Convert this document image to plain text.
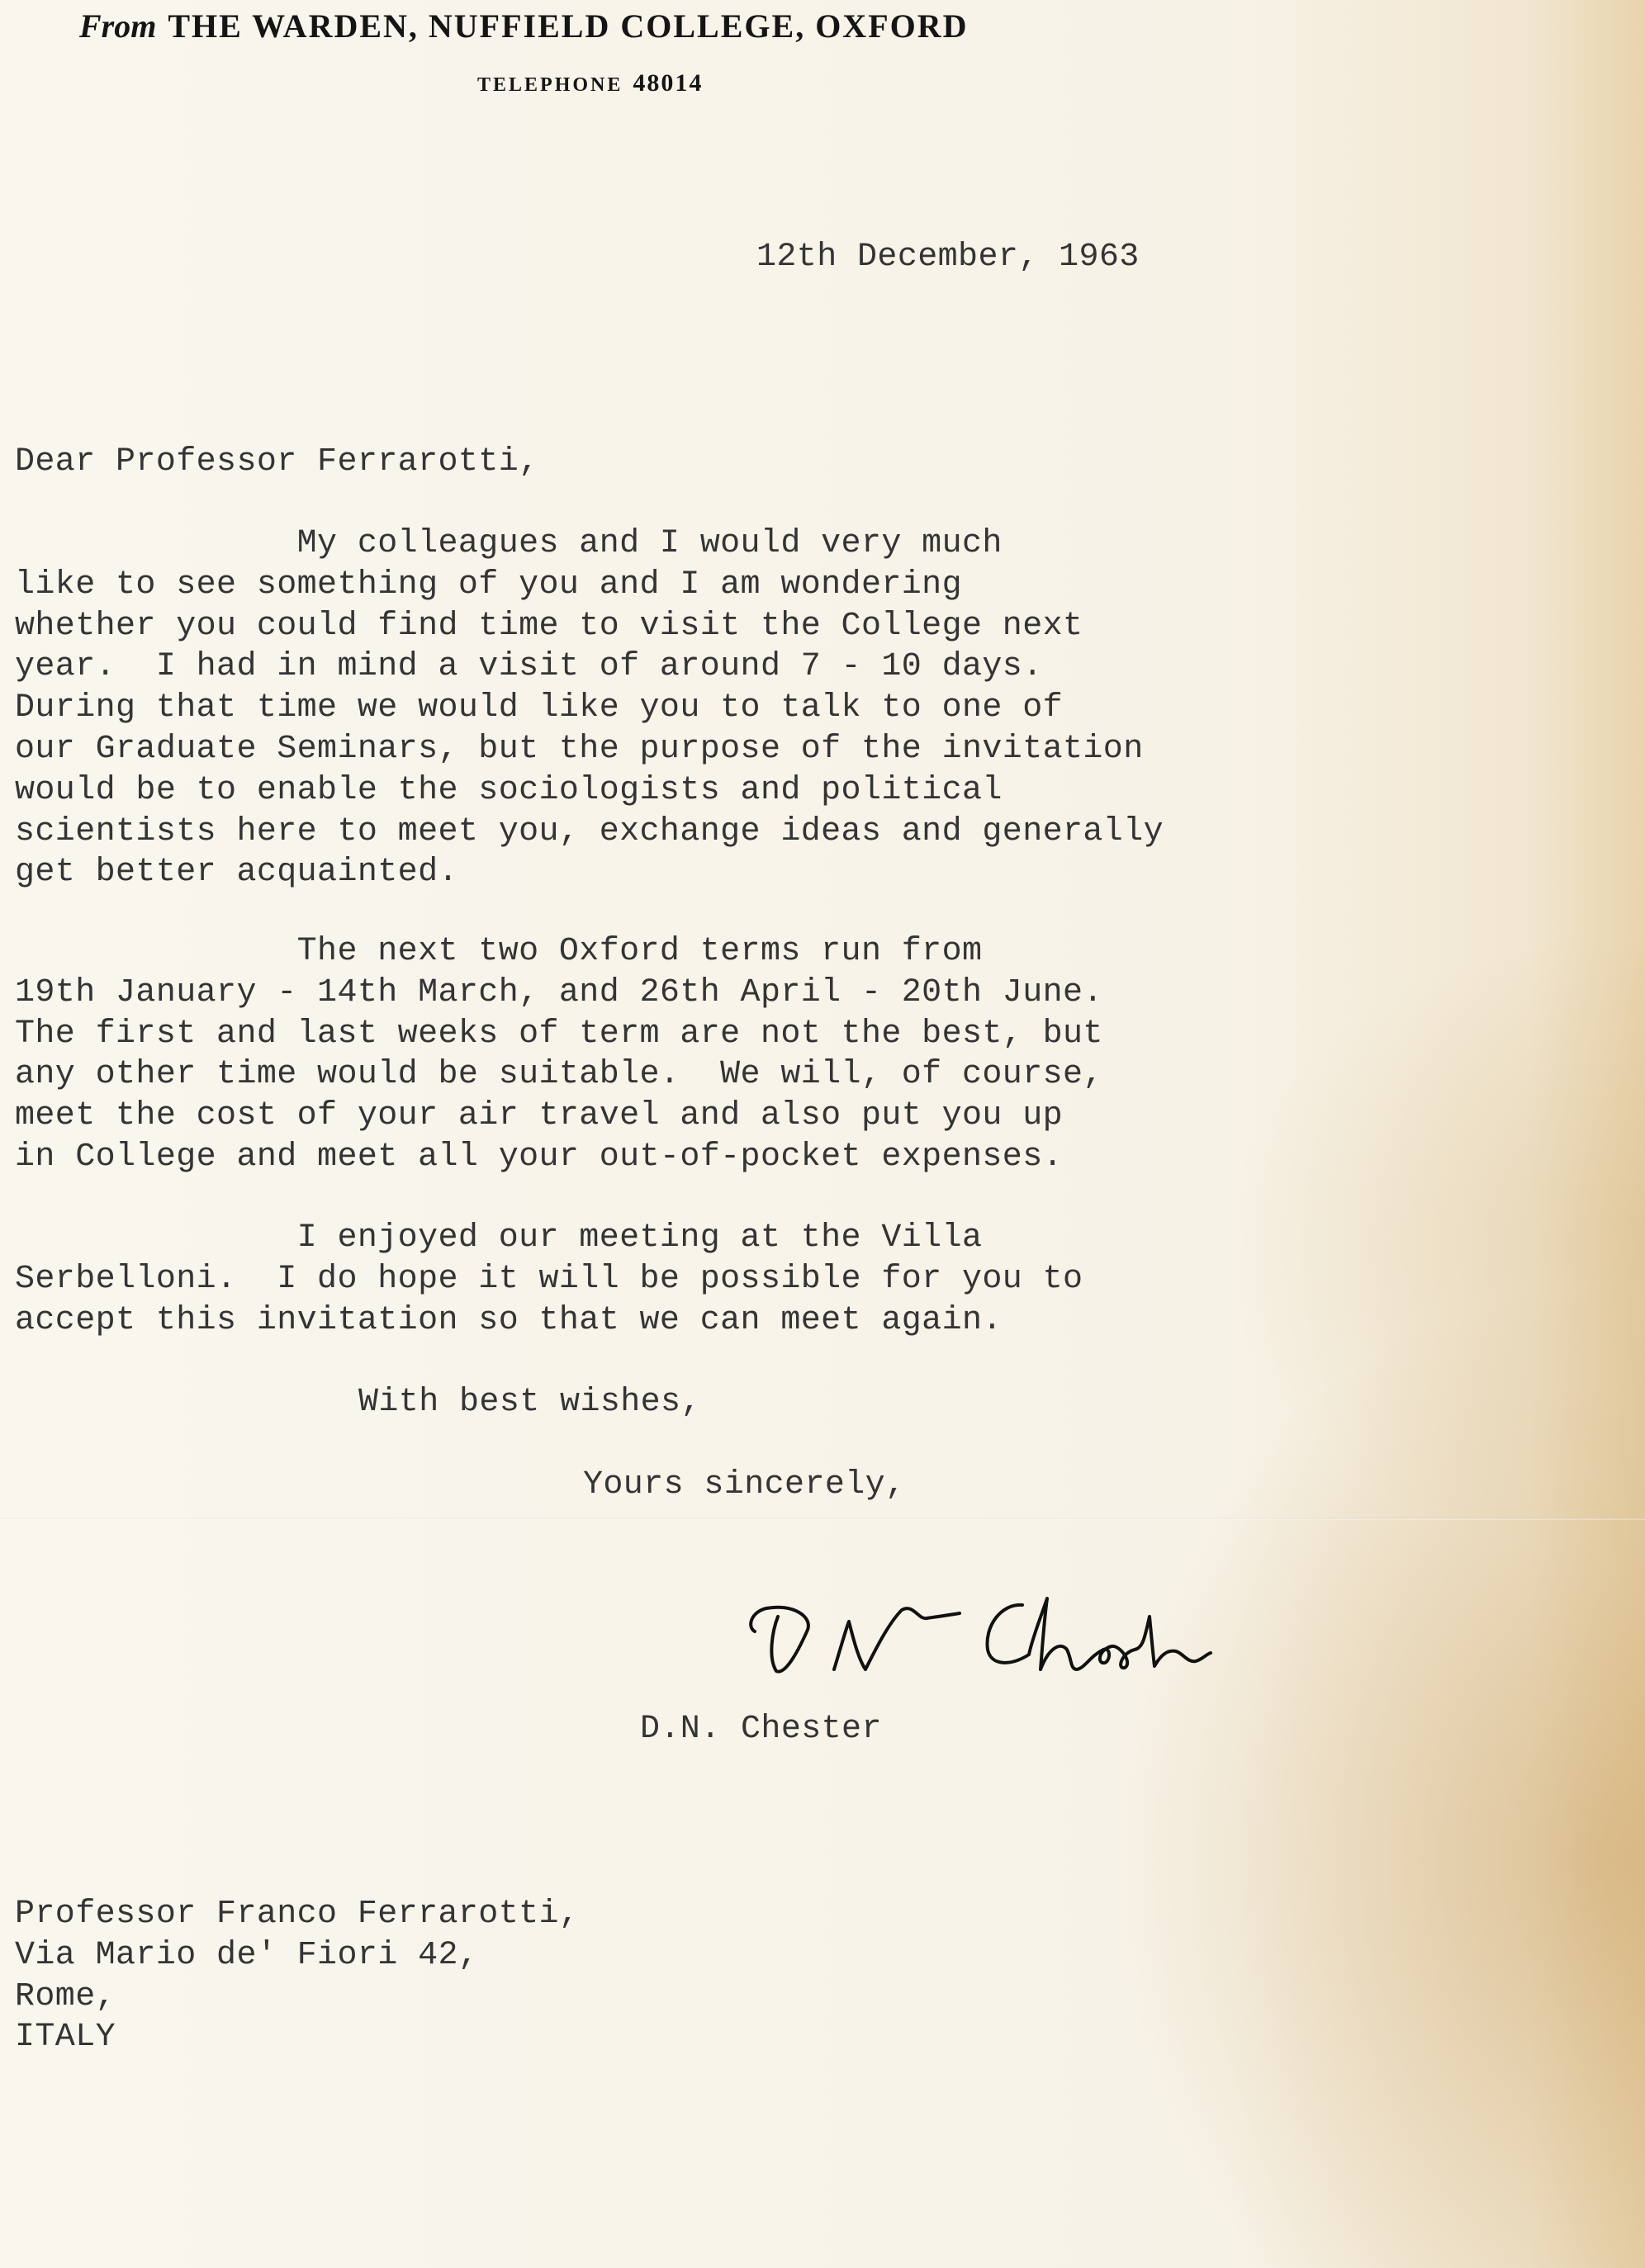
From THE WARDEN, NUFFIELD COLLEGE, OXFORD
TELEPHONE 48014
12th December, 1963
Dear Professor Ferrarotti,
My colleagues and I would very much
like to see something of you and I am wondering
whether you could find time to visit the College next
year.  I had in mind a visit of around 7 - 10 days.
During that time we would like you to talk to one of
our Graduate Seminars, but the purpose of the invitation
would be to enable the sociologists and political
scientists here to meet you, exchange ideas and generally
get better acquainted.
The next two Oxford terms run from
19th January - 14th March, and 26th April - 20th June.
The first and last weeks of term are not the best, but
any other time would be suitable.  We will, of course,
meet the cost of your air travel and also put you up
in College and meet all your out-of-pocket expenses.
I enjoyed our meeting at the Villa
Serbelloni.  I do hope it will be possible for you to
accept this invitation so that we can meet again.
With best wishes,
Yours sincerely,
D.N. Chester
Professor Franco Ferrarotti,
Via Mario de' Fiori 42,
Rome,
ITALY
